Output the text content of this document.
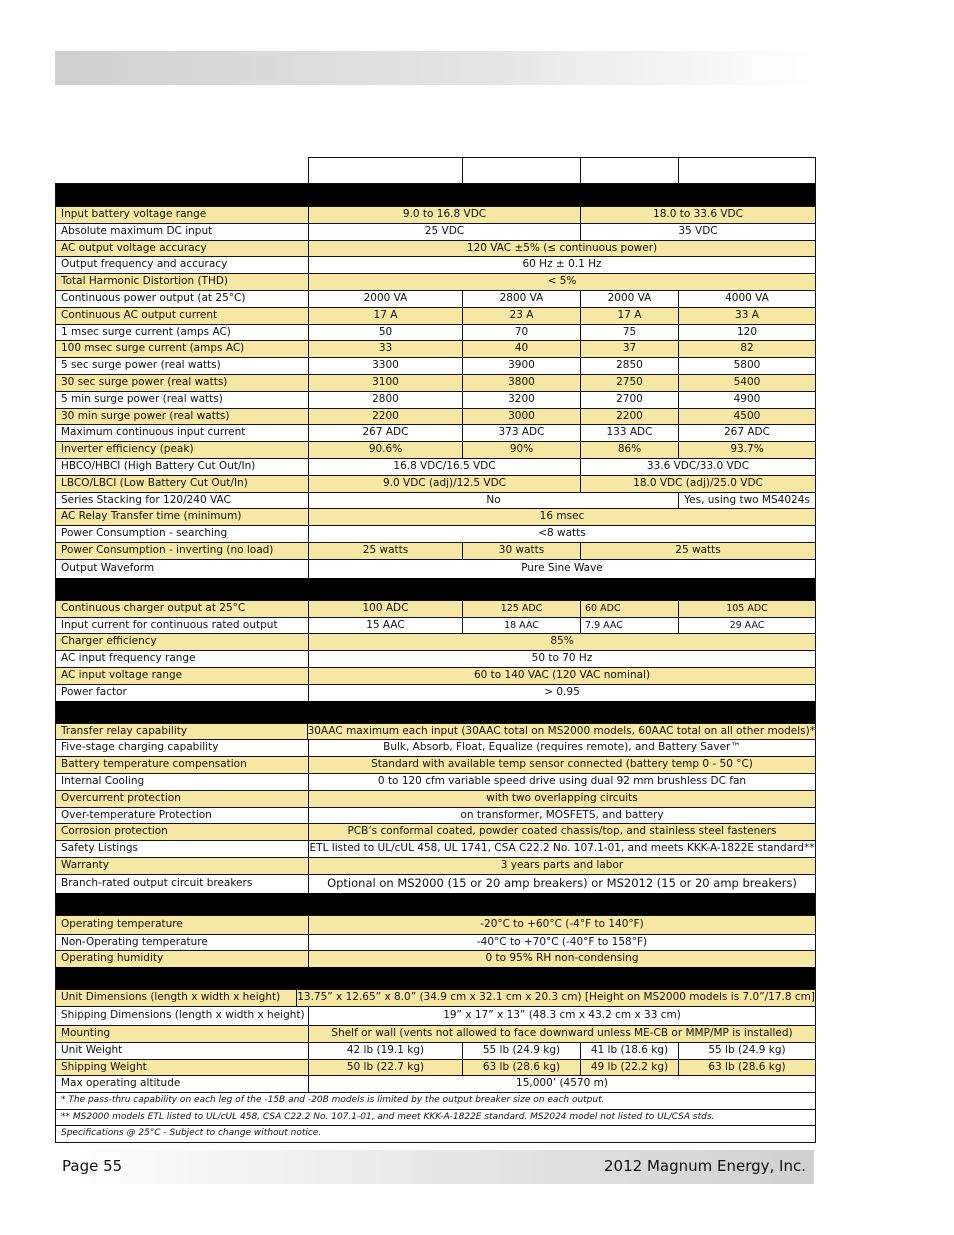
Input battery voltage range	9.0 to 16.8 VDC	18.0 to 33.6 VDC
Absolute maximum DC input	25 VDC	35 VDC
AC output voltage accuracy	120 VAC ±5% (≤ continuous power)
Output frequency and accuracy	60 Hz ± 0.1 Hz
Total Harmonic Distortion (THD)	< 5%
Continuous power output (at 25°C)	2000 VA	2800 VA	2000 VA	4000 VA
Continuous AC output current	17 A	23 A	17 A	33 A
1 msec surge current (amps AC)	50	70	75	120
100 msec surge current (amps AC)	33	40	37	82
5 sec surge power (real watts)	3300	3900	2850	5800
30 sec surge power (real watts)	3100	3800	2750	5400
5 min surge power (real watts)	2800	3200	2700	4900
30 min surge power (real watts)	2200	3000	2200	4500
Maximum continuous input current	267 ADC	373 ADC	133 ADC	267 ADC
Inverter efficiency (peak)	90.6%	90%	86%	93.7%
HBCO/HBCI (High Battery Cut Out/In)	16.8 VDC/16.5 VDC	33.6 VDC/33.0 VDC
LBCO/LBCI (Low Battery Cut Out/In)	9.0 VDC (adj)/12.5 VDC	18.0 VDC (adj)/25.0 VDC
Series Stacking for 120/240 VAC	No	Yes, using two MS4024s
AC Relay Transfer time (minimum)	16 msec
Power Consumption - searching	<8 watts
Power Consumption - inverting (no load)	25 watts	30 watts	25 watts
Output Waveform	Pure Sine Wave
Continuous charger output at 25°C	100 ADC	125 ADC	60 ADC	105 ADC
Input current for continuous rated output	15 AAC	18 AAC	7.9 AAC	29 AAC
Charger efficiency	85%
AC input frequency range	50 to 70 Hz
AC input voltage range	60 to 140 VAC (120 VAC nominal)
Power factor	> 0.95
Transfer relay capability	30AAC maximum each input (30AAC total on MS2000 models, 60AAC total on all other models)*
Five-stage charging capability	Bulk, Absorb, Float, Equalize (requires remote), and Battery Saver™
Battery temperature compensation	Standard with available temp sensor connected (battery temp 0 - 50 °C)
Internal Cooling	0 to 120 cfm variable speed drive using dual 92 mm brushless DC fan
Overcurrent protection	with two overlapping circuits
Over-temperature Protection	on transformer, MOSFETS, and battery
Corrosion protection	PCB’s conformal coated, powder coated chassis/top, and stainless steel fasteners
Safety Listings	ETL listed to UL/cUL 458, UL 1741, CSA C22.2 No. 107.1-01, and meets KKK-A-1822E standard**
Warranty	3 years parts and labor
Branch-rated output circuit breakers	Optional on MS2000 (15 or 20 amp breakers) or MS2012 (15 or 20 amp breakers)
Operating temperature	-20°C to +60°C (-4°F to 140°F)
Non-Operating temperature	-40°C to +70°C (-40°F to 158°F)
Operating humidity	0 to 95% RH non-condensing
Unit Dimensions (length x width x height)	13.75” x 12.65” x 8.0” (34.9 cm x 32.1 cm x 20.3 cm) [Height on MS2000 models is 7.0”/17.8 cm]
Shipping Dimensions (length x width x height)	19” x 17” x 13” (48.3 cm x 43.2 cm x 33 cm)
Mounting	Shelf or wall (vents not allowed to face downward unless ME-CB or MMP/MP is installed)
Unit Weight	42 lb (19.1 kg)	55 lb (24.9 kg)	41 lb (18.6 kg)	55 lb (24.9 kg)
Shipping Weight	50 lb (22.7 kg)	63 lb (28.6 kg)	49 lb (22.2 kg)	63 lb (28.6 kg)
Max operating altitude	15,000’ (4570 m)
* The pass-thru capability on each leg of the -15B and -20B models is limited by the output breaker size on each output.
** MS2000 models ETL listed to UL/cUL 458, CSA C22.2 No. 107.1-01, and meet KKK-A-1822E standard. MS2024 model not listed to UL/CSA stds.
Specifications @ 25°C - Subject to change without notice.
Page 55	2012 Magnum Energy, Inc.
